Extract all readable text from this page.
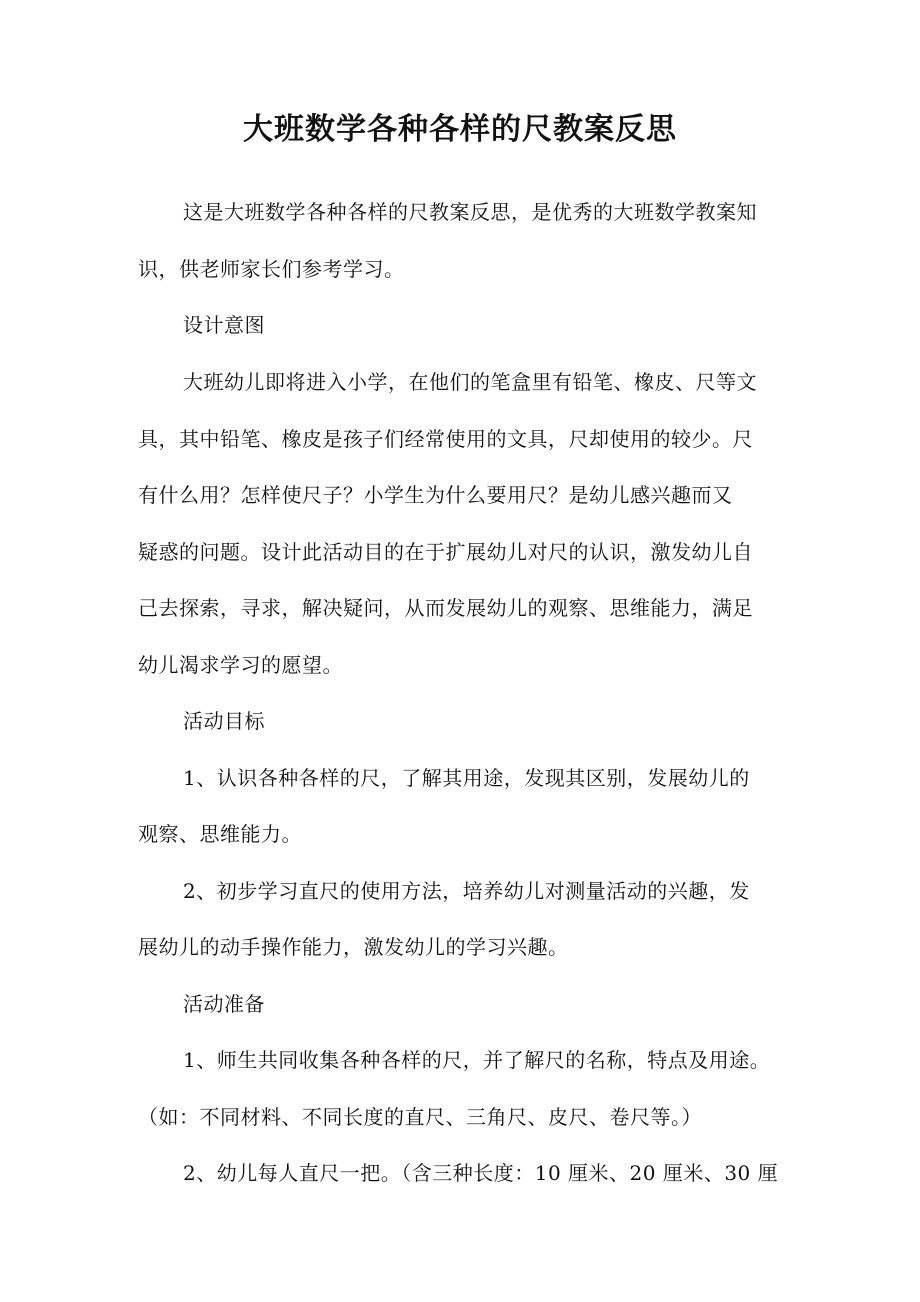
大班数学各种各样的尺教案反思
这是大班数学各种各样的尺教案反思，是优秀的大班数学教案知
识，供老师家长们参考学习。
设计意图
大班幼儿即将进入小学，在他们的笔盒里有铅笔、橡皮、尺等文
具，其中铅笔、橡皮是孩子们经常使用的文具，尺却使用的较少。尺
有什么用？怎样使尺子？小学生为什么要用尺？是幼儿感兴趣而又
疑惑的问题。设计此活动目的在于扩展幼儿对尺的认识，激发幼儿自
己去探索，寻求，解决疑问，从而发展幼儿的观察、思维能力，满足
幼儿渴求学习的愿望。
活动目标
1、认识各种各样的尺，了解其用途，发现其区别，发展幼儿的
观察、思维能力。
2、初步学习直尺的使用方法，培养幼儿对测量活动的兴趣，发
展幼儿的动手操作能力，激发幼儿的学习兴趣。
活动准备
1、师生共同收集各种各样的尺，并了解尺的名称，特点及用途。
（如：不同材料、不同长度的直尺、三角尺、皮尺、卷尺等。）
2、幼儿每人直尺一把。（含三种长度：10 厘米、20 厘米、30 厘
